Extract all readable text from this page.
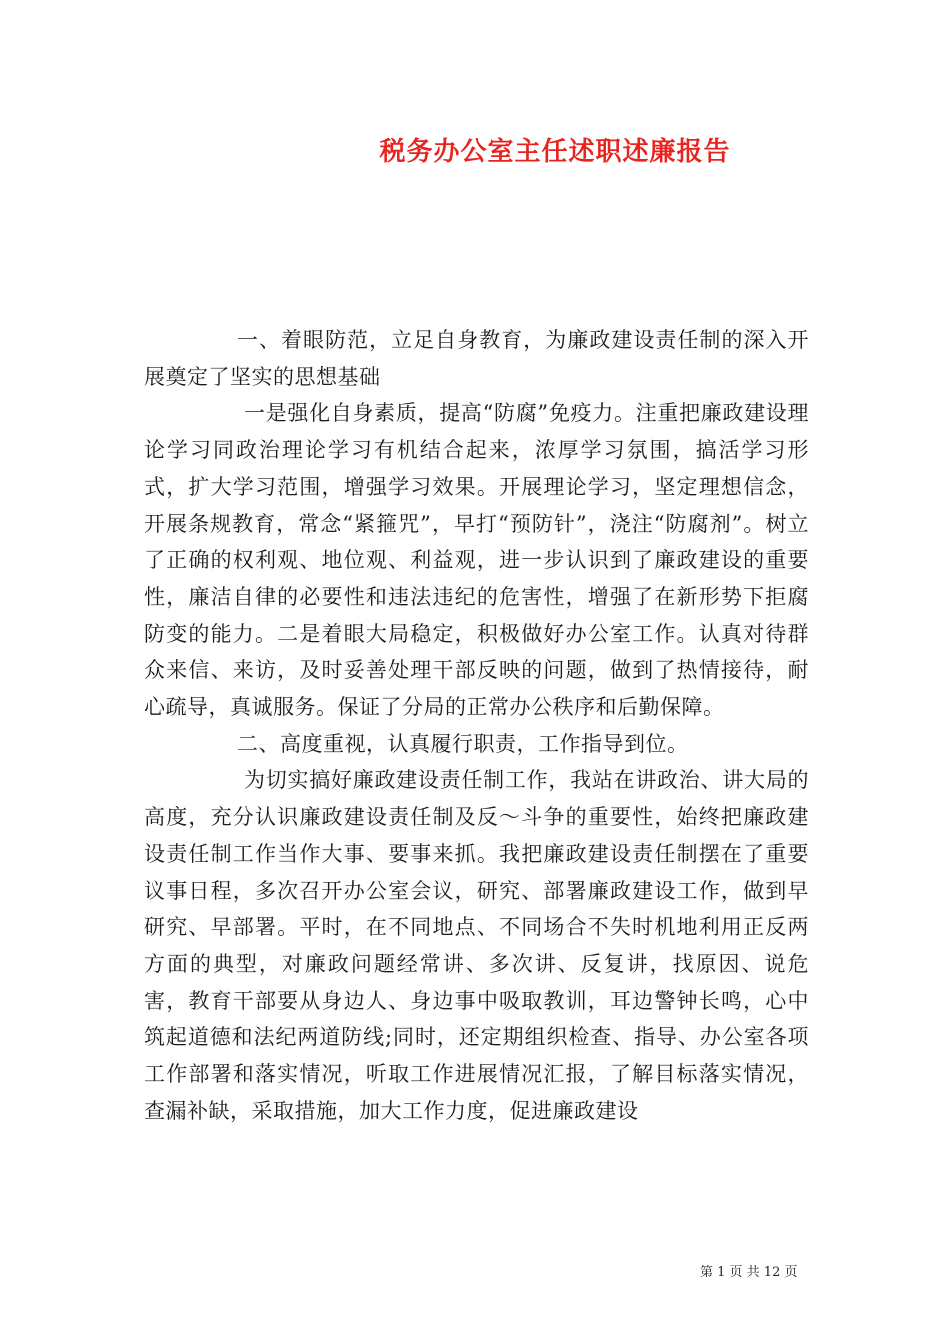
税务办公室主任述职述廉报告

一、着眼防范，立足自身教育，为廉政建设责任制的深入开展奠定了坚实的思想基础

一是强化自身素质，提高“防腐”免疫力。注重把廉政建设理论学习同政治理论学习有机结合起来，浓厚学习氛围，搞活学习形式，扩大学习范围，增强学习效果。开展理论学习，坚定理想信念，开展条规教育，常念“紧箍咒”，早打“预防针”，浇注“防腐剂”。树立了正确的权利观、地位观、利益观，进一步认识到了廉政建设的重要性，廉洁自律的必要性和违法违纪的危害性，增强了在新形势下拒腐防变的能力。二是着眼大局稳定，积极做好办公室工作。认真对待群众来信、来访，及时妥善处理干部反映的问题，做到了热情接待，耐心疏导，真诚服务。保证了分局的正常办公秩序和后勤保障。

二、高度重视，认真履行职责，工作指导到位。

为切实搞好廉政建设责任制工作，我站在讲政治、讲大局的高度，充分认识廉政建设责任制及反～斗争的重要性，始终把廉政建设责任制工作当作大事、要事来抓。我把廉政建设责任制摆在了重要议事日程，多次召开办公室会议，研究、部署廉政建设工作，做到早研究、早部署。平时，在不同地点、不同场合不失时机地利用正反两方面的典型，对廉政问题经常讲、多次讲、反复讲，找原因、说危害，教育干部要从身边人、身边事中吸取教训，耳边警钟长鸣，心中筑起道德和法纪两道防线;同时，还定期组织检查、指导、办公室各项工作部署和落实情况，听取工作进展情况汇报，了解目标落实情况，查漏补缺，采取措施，加大工作力度，促进廉政建设

第 1 页 共 12 页
